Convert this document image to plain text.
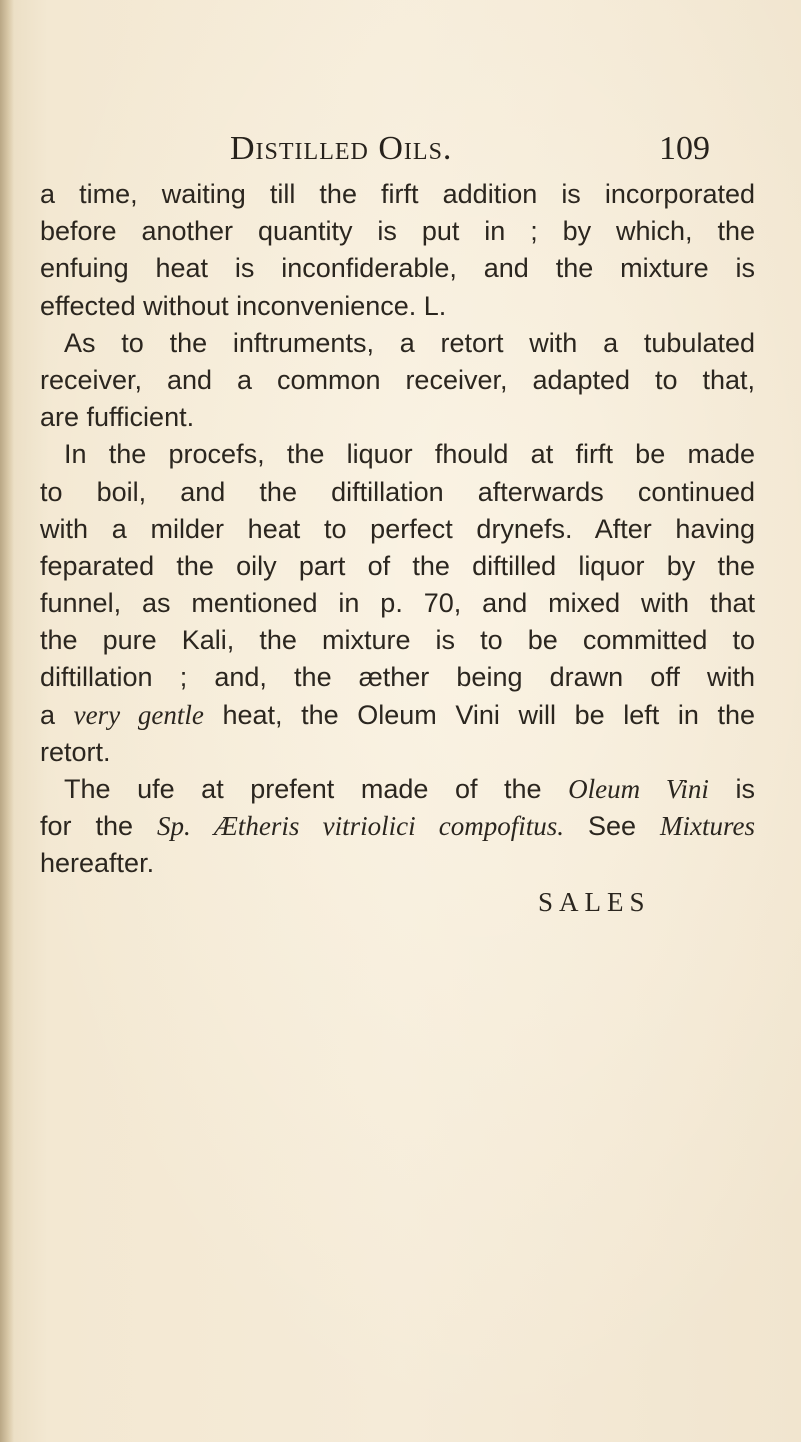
Distilled Oils.	109
a time, waiting till the firft addition is incorporated
before another quantity is put in ; by which, the
enfuing heat is inconfiderable, and the mixture is
effected without inconvenience. L.
As to the inftruments, a retort with a tubulated
receiver, and a common receiver, adapted to that,
are fufficient.
In the procefs, the liquor fhould at firft be made
to boil, and the diftillation afterwards continued
with a milder heat to perfect drynefs. After having
feparated the oily part of the diftilled liquor by the
funnel, as mentioned in p. 70, and mixed with that
the pure Kali, the mixture is to be committed to
diftillation ; and, the æther being drawn off with
a very gentle heat, the Oleum Vini will be left in the
retort.
The ufe at prefent made of the Oleum Vini is
for the Sp. Ætheris vitriolici compofitus. See Mixtures
hereafter.
SALES
